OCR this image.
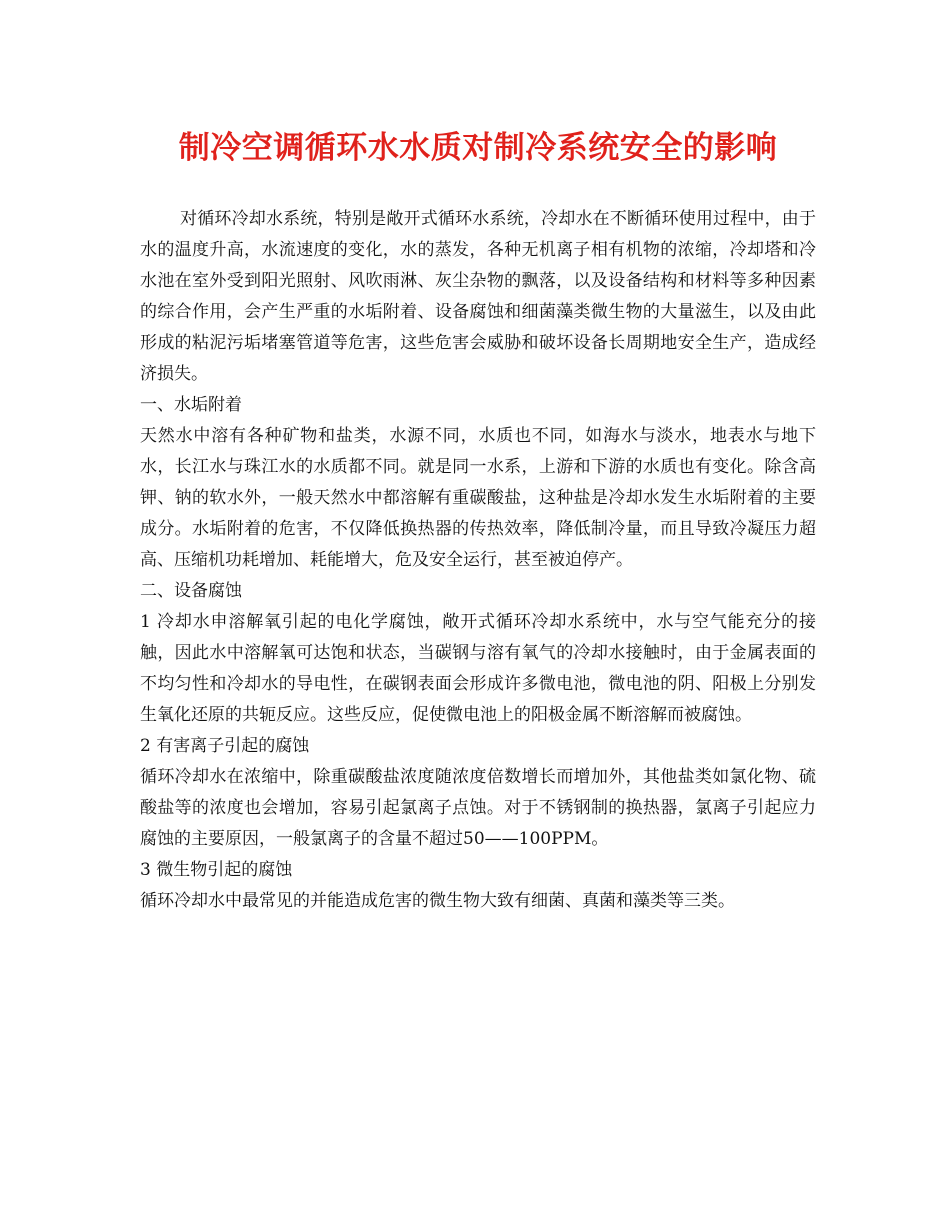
制冷空调循环水水质对制冷系统安全的影响

对循环冷却水系统，特别是敞开式循环水系统，冷却水在不断循环使用过程中，由于水的温度升高，水流速度的变化，水的蒸发，各种无机离子相有机物的浓缩，冷却塔和冷水池在室外受到阳光照射、风吹雨淋、灰尘杂物的飘落，以及设备结构和材料等多种因素的综合作用，会产生严重的水垢附着、设备腐蚀和细菌藻类微生物的大量滋生，以及由此形成的粘泥污垢堵塞管道等危害，这些危害会威胁和破坏设备长周期地安全生产，造成经济损失。

一、水垢附着

天然水中溶有各种矿物和盐类，水源不同，水质也不同，如海水与淡水，地表水与地下水，长江水与珠江水的水质都不同。就是同一水系，上游和下游的水质也有变化。除含高钾、钠的软水外，一般天然水中都溶解有重碳酸盐，这种盐是冷却水发生水垢附着的主要成分。水垢附着的危害，不仅降低换热器的传热效率，降低制冷量，而且导致冷凝压力超高、压缩机功耗增加、耗能增大，危及安全运行，甚至被迫停产。

二、设备腐蚀

1 冷却水申溶解氧引起的电化学腐蚀，敞开式循环冷却水系统中，水与空气能充分的接触，因此水中溶解氧可达饱和状态，当碳钢与溶有氧气的冷却水接触时，由于金属表面的不均匀性和冷却水的导电性，在碳钢表面会形成许多微电池，微电池的阴、阳极上分别发生氧化还原的共轭反应。这些反应，促使微电池上的阳极金属不断溶解而被腐蚀。

2 有害离子引起的腐蚀

循环冷却水在浓缩中，除重碳酸盐浓度随浓度倍数增长而增加外，其他盐类如氯化物、硫酸盐等的浓度也会增加，容易引起氯离子点蚀。对于不锈钢制的换热器，氯离子引起应力腐蚀的主要原因，一般氯离子的含量不超过50——100PPM。

3 微生物引起的腐蚀

循环冷却水中最常见的并能造成危害的微生物大致有细菌、真菌和藻类等三类。
